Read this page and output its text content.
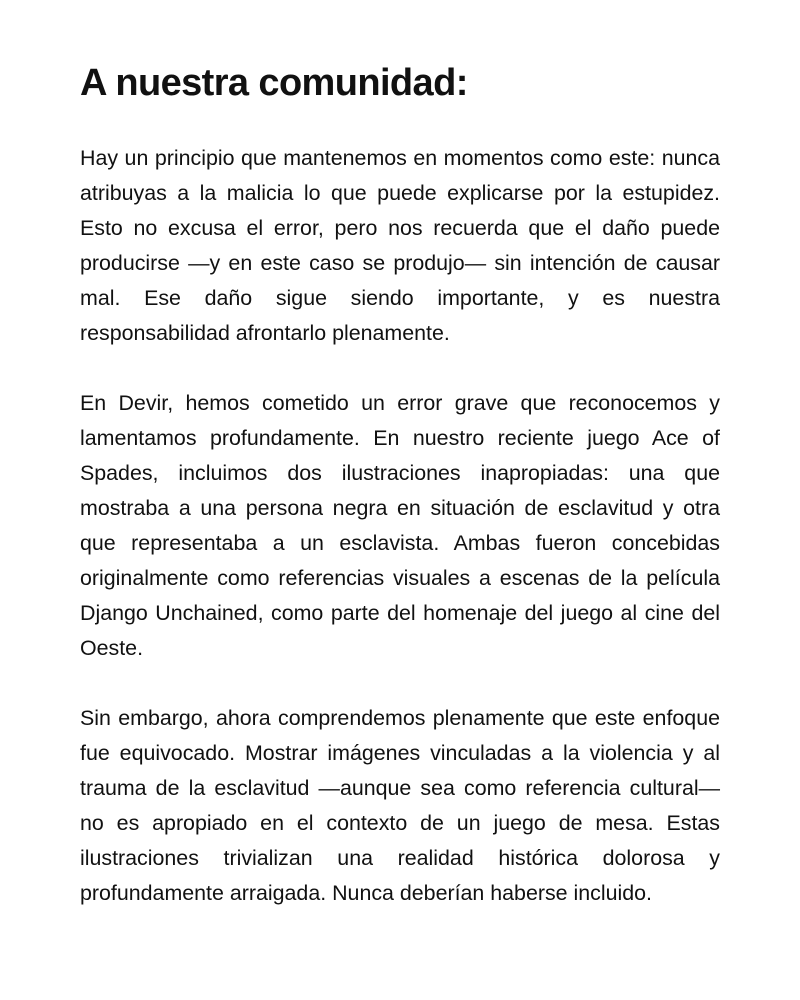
A nuestra comunidad:

Hay un principio que mantenemos en momentos como este: nunca atribuyas a la malicia lo que puede explicarse por la estupidez. Esto no excusa el error, pero nos recuerda que el daño puede producirse —y en este caso se produjo— sin intención de causar mal. Ese daño sigue siendo importante, y es nuestra responsabilidad afrontarlo plenamente.

En Devir, hemos cometido un error grave que reconocemos y lamentamos profundamente. En nuestro reciente juego Ace of Spades, incluimos dos ilustraciones inapropiadas: una que mostraba a una persona negra en situación de esclavitud y otra que representaba a un esclavista. Ambas fueron concebidas originalmente como referencias visuales a escenas de la película Django Unchained, como parte del homenaje del juego al cine del Oeste.

Sin embargo, ahora comprendemos plenamente que este enfoque fue equivocado. Mostrar imágenes vinculadas a la violencia y al trauma de la esclavitud —aunque sea como referencia cultural— no es apropiado en el contexto de un juego de mesa. Estas ilustraciones trivializan una realidad histórica dolorosa y profundamente arraigada. Nunca deberían haberse incluido.
